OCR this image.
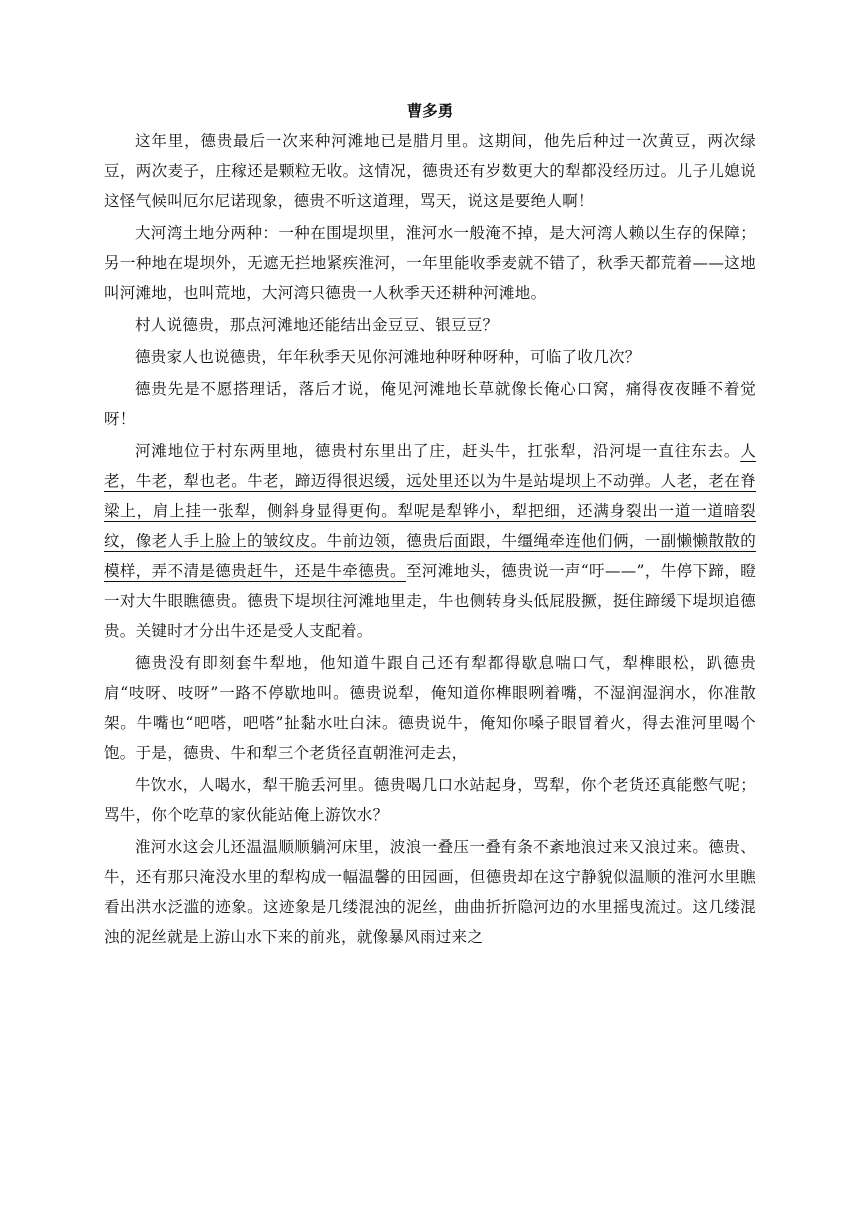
曹多勇

这年里，德贵最后一次来种河滩地已是腊月里。这期间，他先后种过一次黄豆，两次绿豆，两次麦子，庄稼还是颗粒无收。这情况，德贵还有岁数更大的犁都没经历过。儿子儿媳说这怪气候叫厄尔尼诺现象，德贵不听这道理，骂天，说这是要绝人啊！

大河湾土地分两种：一种在围堤坝里，淮河水一般淹不掉，是大河湾人赖以生存的保障；另一种地在堤坝外，无遮无拦地紧疾淮河，一年里能收季麦就不错了，秋季天都荒着——这地叫河滩地，也叫荒地，大河湾只德贵一人秋季天还耕种河滩地。

村人说德贵，那点河滩地还能结出金豆豆、银豆豆？

德贵家人也说德贵，年年秋季天见你河滩地种呀种呀种，可临了收几次？

德贵先是不愿搭理话，落后才说，俺见河滩地长草就像长俺心口窝，痛得夜夜睡不着觉呀！

河滩地位于村东两里地，德贵村东里出了庄，赶头牛，扛张犁，沿河堤一直往东去。人老，牛老，犁也老。牛老，蹄迈得很迟缓，远处里还以为牛是站堤坝上不动弹。人老，老在脊梁上，肩上挂一张犁，侧斜身显得更佝。犁呢是犁铧小，犁把细，还满身裂出一道一道暗裂纹，像老人手上脸上的皱纹皮。牛前边领，德贵后面跟，牛缰绳牵连他们俩，一副懒懒散散的模样，弄不清是德贵赶牛，还是牛牵德贵。至河滩地头，德贵说一声“吁——”，牛停下蹄，瞪一对大牛眼瞧德贵。德贵下堤坝往河滩地里走，牛也侧转身头低屁股撅，挺住蹄缓下堤坝追德贵。关键时才分出牛还是受人支配着。

德贵没有即刻套牛犁地，他知道牛跟自己还有犁都得歇息喘口气，犁榫眼松，趴德贵肩“吱呀、吱呀”一路不停歇地叫。德贵说犁，俺知道你榫眼咧着嘴，不湿润湿润水，你准散架。牛嘴也“吧嗒，吧嗒”扯黏水吐白沫。德贵说牛，俺知你嗓子眼冒着火，得去淮河里喝个饱。于是，德贵、牛和犁三个老货径直朝淮河走去，

牛饮水，人喝水，犁干脆丢河里。德贵喝几口水站起身，骂犁，你个老货还真能憋气呢；骂牛，你个吃草的家伙能站俺上游饮水？

淮河水这会儿还温温顺顺躺河床里，波浪一叠压一叠有条不紊地浪过来又浪过来。德贵、牛，还有那只淹没水里的犁构成一幅温馨的田园画，但德贵却在这宁静貌似温顺的淮河水里瞧看出洪水泛滥的迹象。这迹象是几缕混浊的泥丝，曲曲折折隐河边的水里摇曳流过。这几缕混浊的泥丝就是上游山水下来的前兆，就像暴风雨过来之
